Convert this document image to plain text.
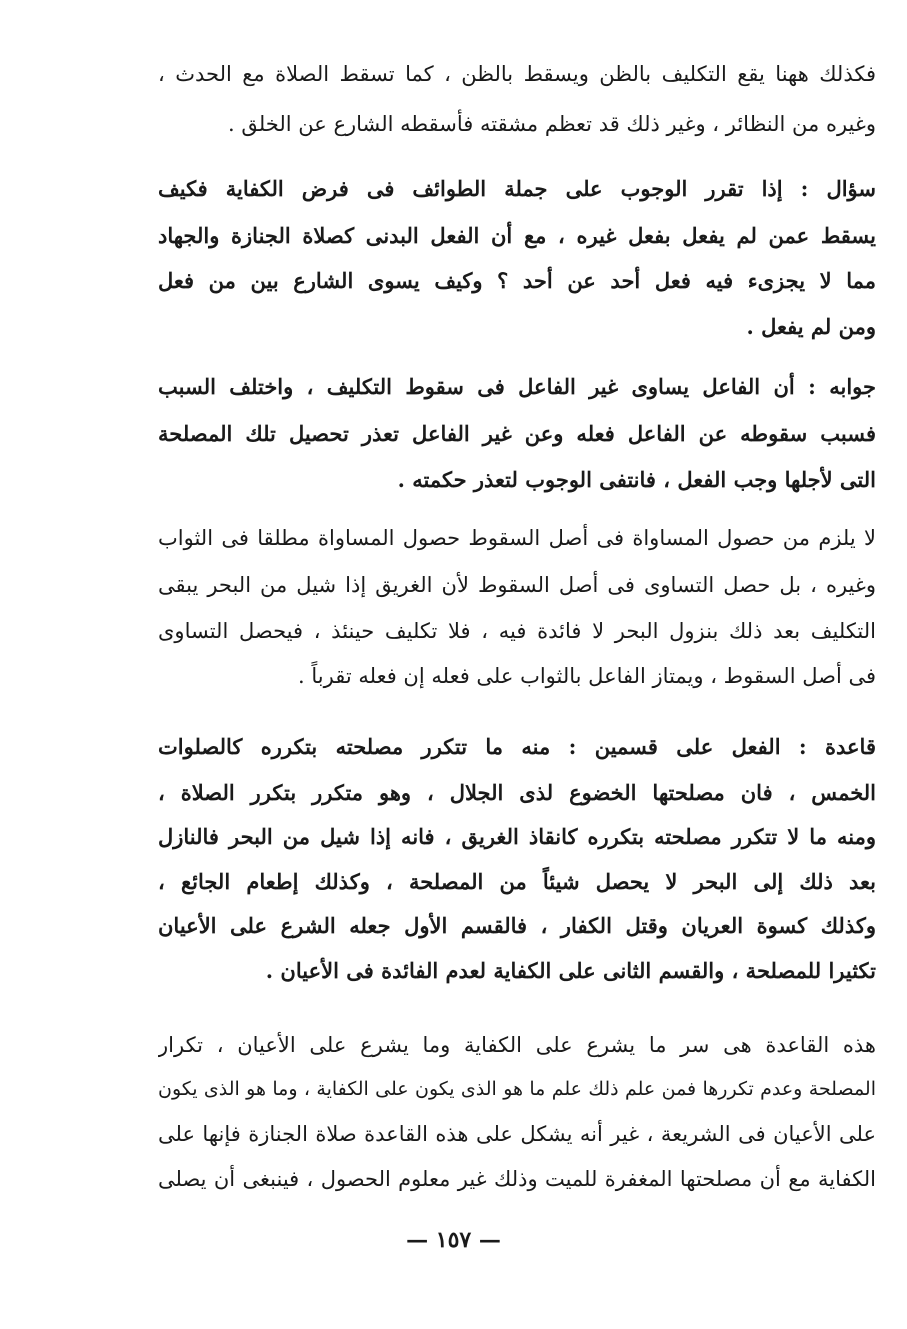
فكذلك ههنا يقع التكليف بالظن ويسقط بالظن ، كما تسقط الصلاة مع الحدث ،
وغيره من النظائر ، وغير ذلك قد تعظم مشقته فأسقطه الشارع عن الخلق .
سؤال : إذا تقرر الوجوب على جملة الطوائف فى فرض الكفاية فكيف
يسقط عمن لم يفعل بفعل غيره ، مع أن الفعل البدنى كصلاة الجنازة والجهاد
مما لا يجزىء فيه فعل أحد عن أحد ؟ وكيف يسوى الشارع بين من فعل
ومن لم يفعل .
جوابه : أن الفاعل يساوى غير الفاعل فى سقوط التكليف ، واختلف السبب
فسبب سقوطه عن الفاعل فعله وعن غير الفاعل تعذر تحصيل تلك المصلحة
التى لأجلها وجب الفعل ، فانتفى الوجوب لتعذر حكمته .
لا يلزم من حصول المساواة فى أصل السقوط حصول المساواة مطلقا فى الثواب
وغيره ، بل حصل التساوى فى أصل السقوط لأن الغريق إذا شيل من البحر يبقى
التكليف بعد ذلك بنزول البحر لا فائدة فيه ، فلا تكليف حينئذ ، فيحصل التساوى
فى أصل السقوط ، ويمتاز الفاعل بالثواب على فعله إن فعله تقرباً .
قاعدة : الفعل على قسمين : منه ما تتكرر مصلحته بتكرره كالصلوات
الخمس ، فان مصلحتها الخضوع لذى الجلال ، وهو متكرر بتكرر الصلاة ،
ومنه ما لا تتكرر مصلحته بتكرره كانقاذ الغريق ، فانه إذا شيل من البحر فالنازل
بعد ذلك إلى البحر لا يحصل شيئاً من المصلحة ، وكذلك إطعام الجائع ،
وكذلك كسوة العريان وقتل الكفار ، فالقسم الأول جعله الشرع على الأعيان
تكثيرا للمصلحة ، والقسم الثانى على الكفاية لعدم الفائدة فى الأعيان .
هذه القاعدة هى سر ما يشرع على الكفاية وما يشرع على الأعيان ، تكرار
المصلحة وعدم تكررها فمن علم ذلك علم ما هو الذى يكون على الكفاية ، وما هو الذى يكون
على الأعيان فى الشريعة ، غير أنه يشكل على هذه القاعدة صلاة الجنازة فإنها على
الكفاية مع أن مصلحتها المغفرة للميت وذلك غير معلوم الحصول ، فينبغى أن يصلى
— ١٥٧ —
